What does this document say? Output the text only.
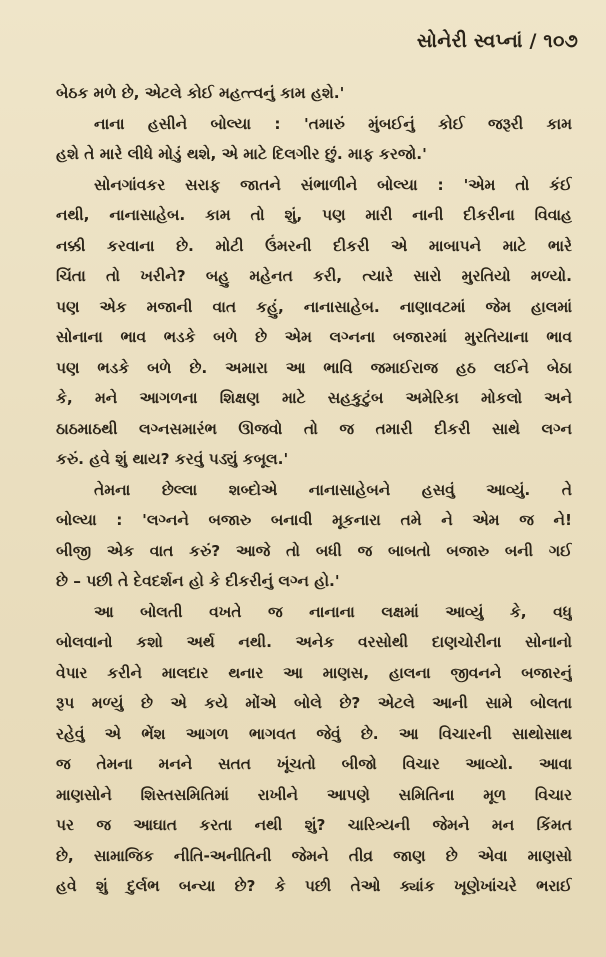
સોનેરી સ્વપ્નાં / ૧૦૭
બેઠક મળે છે, એટલે કોઈ મહત્ત્વનું કામ હશે.'
નાના હસીને બોલ્યા : 'તમારું મુંબઈનું કોઈ જરૂરી કામ
હશે તે મારે લીધે મોડું થશે, એ માટે દિલગીર છું. માફ કરજો.'
સોનગાંવકર સરાફ જાતને સંભાળીને બોલ્યા : 'એમ તો કંઈ
નથી, નાનાસાહેબ. કામ તો શું, પણ મારી નાની દીકરીના વિવાહ
નક્કી કરવાના છે. મોટી ઉંમરની દીકરી એ માબાપને માટે ભારે
ચિંતા તો ખરીને? બહુ મહેનત કરી, ત્યારે સારો મુરતિયો મળ્યો.
પણ એક મજાની વાત કહું, નાનાસાહેબ. નાણાવટમાં જેમ હાલમાં
સોનાના ભાવ ભડકે બળે છે એમ લગ્નના બજારમાં મુરતિયાના ભાવ
પણ ભડકે બળે છે. અમારા આ ભાવિ જમાઈરાજ હઠ લઈને બેઠા
કે, મને આગળના શિક્ષણ માટે સહકુટુંબ અમેરિકા મોકલો અને
ઠાઠમાઠથી લગ્નસમારંભ ઊજવો તો જ તમારી દીકરી સાથે લગ્ન
કરું. હવે શું થાય? કરવું પડ્યું કબૂલ.'
તેમના છેલ્લા શબ્દોએ નાનાસાહેબને હસવું આવ્યું. તે
બોલ્યા : 'લગ્નને બજારુ બનાવી મૂકનારા તમે ને એમ જ ને!
બીજી એક વાત કરું? આજે તો બધી જ બાબતો બજારુ બની ગઈ
છે – પછી તે દેવદર્શન હો કે દીકરીનું લગ્ન હો.'
આ બોલતી વખતે જ નાનાના લક્ષમાં આવ્યું કે, વધુ
બોલવાનો કશો અર્થ નથી. અનેક વરસોથી દાણચોરીના સોનાનો
વેપાર કરીને માલદાર થનાર આ માણસ, હાલના જીવનને બજારનું
રૂપ મળ્યું છે એ કયે મોંએ બોલે છે? એટલે આની સામે બોલતા
રહેવું એ ભેંશ આગળ ભાગવત જેવું છે. આ વિચારની સાથોસાથ
જ તેમના મનને સતત ખૂંચતો બીજો વિચાર આવ્યો. આવા
માણસોને શિસ્તસમિતિમાં રાખીને આપણે સમિતિના મૂળ વિચાર
પર જ આઘાત કરતા નથી શું? ચારિત્ર્યની જેમને મન કિંમત
છે, સામાજિક નીતિ-અનીતિની જેમને તીવ્ર જાણ છે એવા માણસો
હવે શું દુર્લભ બન્યા છે? કે પછી તેઓ ક્યાંક ખૂણેખાંચરે ભરાઈ
